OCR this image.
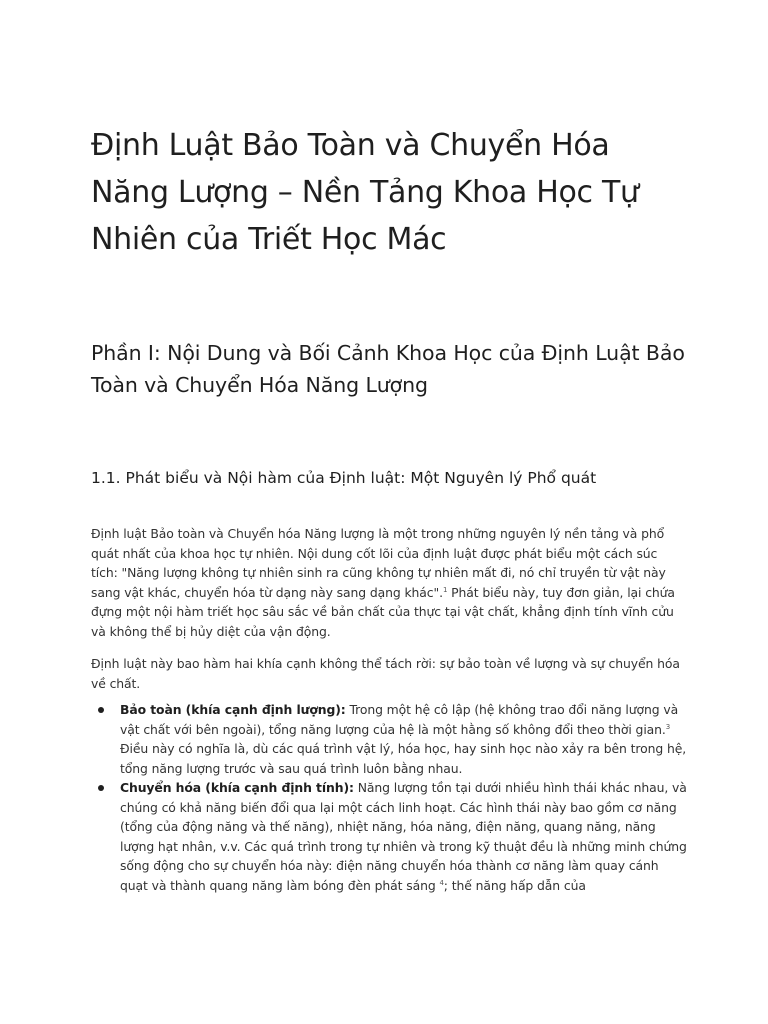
Định Luật Bảo Toàn và Chuyển Hóa Năng Lượng – Nền Tảng Khoa Học Tự Nhiên của Triết Học Mác
Phần I: Nội Dung và Bối Cảnh Khoa Học của Định Luật Bảo Toàn và Chuyển Hóa Năng Lượng
1.1. Phát biểu và Nội hàm của Định luật: Một Nguyên lý Phổ quát

Định luật Bảo toàn và Chuyển hóa Năng lượng là một trong những nguyên lý nền tảng và phổ quát nhất của khoa học tự nhiên. Nội dung cốt lõi của định luật được phát biểu một cách súc tích: "Năng lượng không tự nhiên sinh ra cũng không tự nhiên mất đi, nó chỉ truyền từ vật này sang vật khác, chuyển hóa từ dạng này sang dạng khác".$^1$ Phát biểu này, tuy đơn giản, lại chứa đựng một nội hàm triết học sâu sắc về bản chất của thực tại vật chất, khẳng định tính vĩnh cửu và không thể bị hủy diệt của vận động.

Định luật này bao hàm hai khía cạnh không thể tách rời: sự bảo toàn về lượng và sự chuyển hóa về chất.

Bảo toàn (khía cạnh định lượng): Trong một hệ cô lập (hệ không trao đổi năng lượng và vật chất với bên ngoài), tổng năng lượng của hệ là một hằng số không đổi theo thời gian.$^3$ Điều này có nghĩa là, dù các quá trình vật lý, hóa học, hay sinh học nào xảy ra bên trong hệ, tổng năng lượng trước và sau quá trình luôn bằng nhau.
Chuyển hóa (khía cạnh định tính): Năng lượng tồn tại dưới nhiều hình thái khác nhau, và chúng có khả năng biến đổi qua lại một cách linh hoạt. Các hình thái này bao gồm cơ năng (tổng của động năng và thế năng), nhiệt năng, hóa năng, điện năng, quang năng, năng lượng hạt nhân, v.v. Các quá trình trong tự nhiên và trong kỹ thuật đều là những minh chứng sống động cho sự chuyển hóa này: điện năng chuyển hóa thành cơ năng làm quay cánh quạt và thành quang năng làm bóng đèn phát sáng $^4$; thế năng hấp dẫn của
